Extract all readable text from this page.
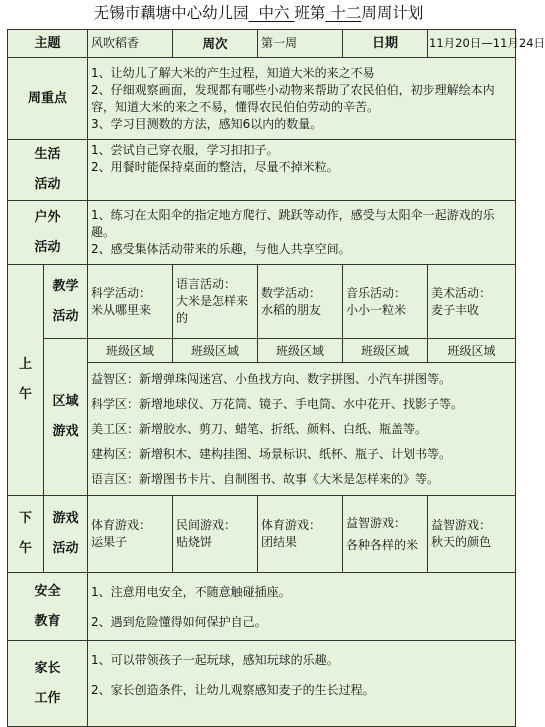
无锡市藕塘中心幼儿园 中六 班第 十二周周计划
主题		风吹稻香	周次	第一周	日期	11月20日—11月24日
周重点		1、让幼儿了解大米的产生过程，知道大米的来之不易
2、仔细观察画面，发现都有哪些小动物来帮助了农民伯伯，初步理解绘本内容，知道大米的来之不易，懂得农民伯伯劳动的辛苦。
3、学习目测数的方法，感知6以内的数量。				

生活
活动		1、尝试自己穿衣服，学习扣扣子。
2、用餐时能保持桌面的整洁，尽量不掉米粒。				

户外
活动		1、练习在太阳伞的指定地方爬行、跳跃等动作，感受与太阳伞一起游戏的乐趣。
2、感受集体活动带来的乐趣，与他人共享空间。				

上
午	教学
活动	科学活动：
米从哪里来	语言活动：
大米是怎样来的	数学活动：
水稻的朋友	音乐活动：
小小一粒米	美术活动：
麦子丰收

	区域
游戏	班级区域	班级区域	班级区域	班级区域	班级区域

		益智区：新增弹珠闯迷宫、小鱼找方向、数字拼图、小汽车拼图等。
科学区：新增地球仪、万花筒、镜子、手电筒、水中花开、找影子等。
美工区：新增胶水、剪刀、蜡笔、折纸、颜料、白纸、瓶盖等。
建构区：新增积木、建构挂图、场景标识、纸杯、瓶子、计划书等。
语言区：新增图书卡片、自制图书、故事《大米是怎样来的》等。				

下
午	游戏
活动	体育游戏：
运果子	民间游戏：
贴烧饼	体育游戏：
团结果	益智游戏：
各种各样的米	益智游戏：
秋天的颜色

安全
教育		1、注意用电安全，不随意触碰插座。
2、遇到危险懂得如何保护自己。				

家长
工作		1、可以带领孩子一起玩球，感知玩球的乐趣。
2、家长创造条件，让幼儿观察感知麦子的生长过程。				
